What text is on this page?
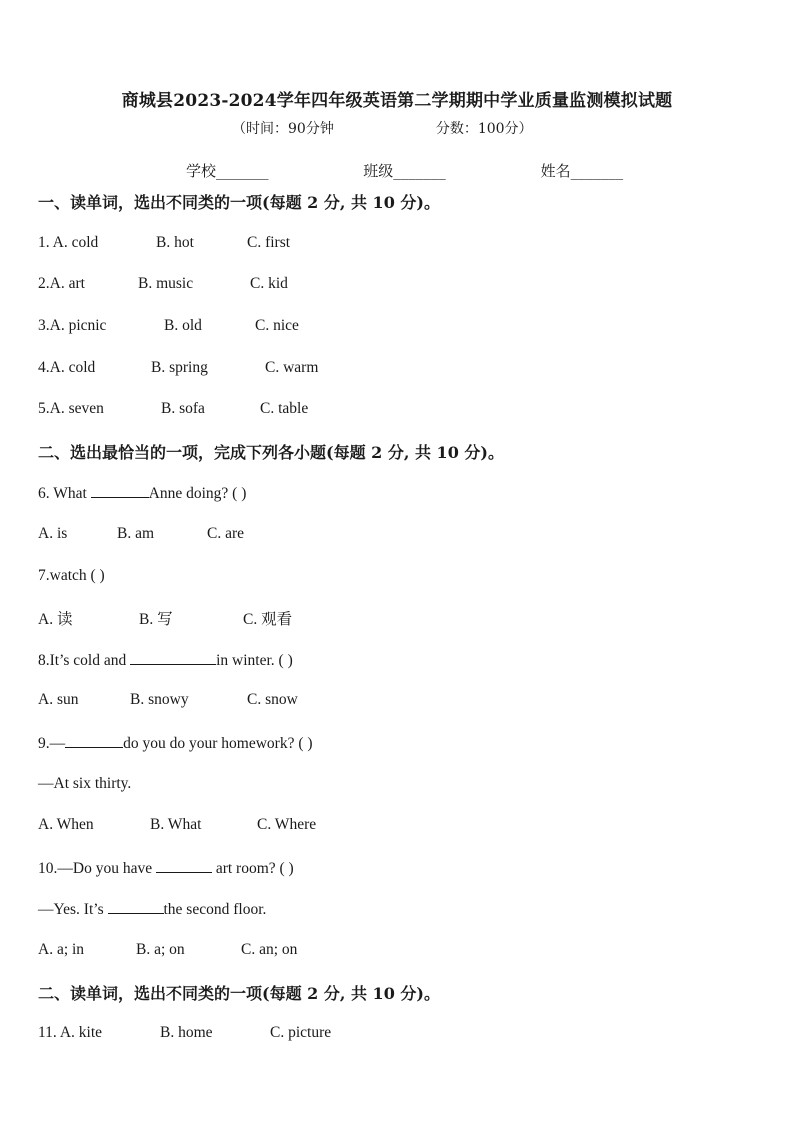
商城县2023-2024学年四年级英语第二学期期中学业质量监测模拟试题
（时间：90分钟	分数：100分）
学校_______	班级_______	姓名_______
一、读单词，选出不同类的一项(每题 2 分, 共 10 分)。
1. A. cold	B. hot	C. first
2.A. art	B. music	C. kid
3.A. picnic	B. old	C. nice
4.A. cold	B. spring	C. warm
5.A. seven	B. sofa	C. table
二、选出最恰当的一项，完成下列各小题(每题 2 分, 共 10 分)。
6. What	Anne doing? ( )
A. is	B. am	C. are
7.watch ( )
A. 读	B. 写	C. 观看
8.It’s cold and	in winter. ( )
A. sun	B. snowy	C. snow
9.—	do you do your homework? ( )
—At six thirty.
A. When	B. What	C. Where
10.—Do you have	art room? ( )
—Yes. It’s	the second floor.
A. a; in	B. a; on	C. an; on
二、读单词，选出不同类的一项(每题 2 分, 共 10 分)。
11. A. kite	B. home	C. picture
